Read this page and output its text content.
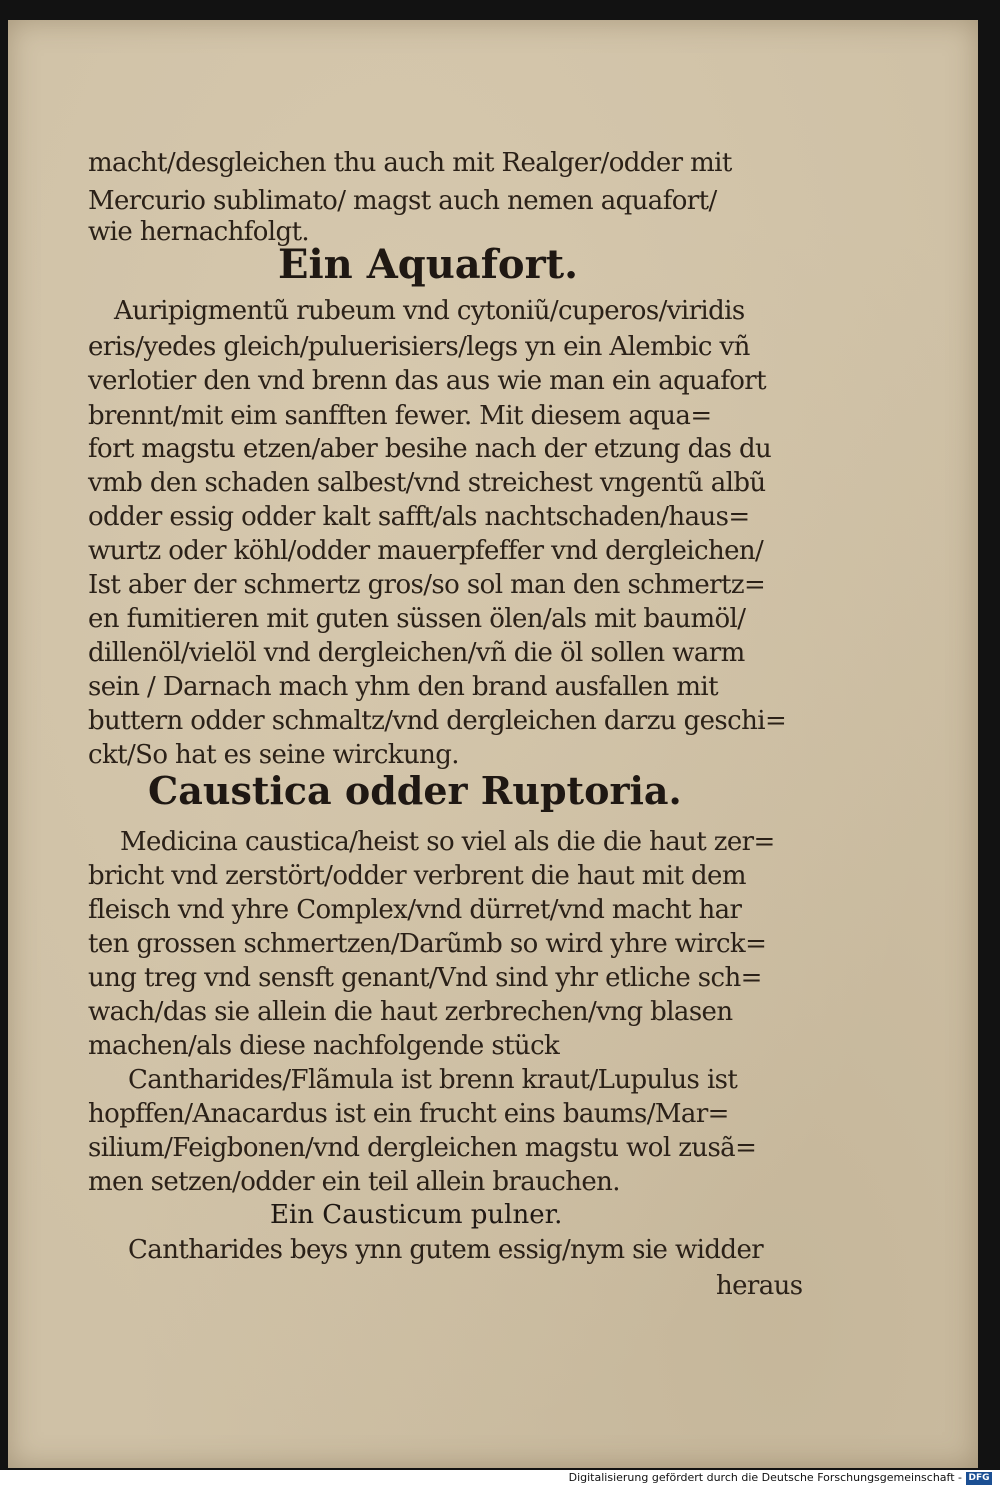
macht/desgleichen thu auch mit Realger/odder mit
Mercurio sublimato/ magst auch nemen aquafort/
wie hernachfolgt.
Ein Aquafort.
Auripigmentũ rubeum vnd cytoniũ/cuperos/viridis
eris/yedes gleich/puluerisiers/legs yn ein Alembic vñ
verlotier den vnd brenn das aus wie man ein aquafort
brennt/mit eim sanfften fewer. Mit diesem aqua=
fort magstu etzen/aber besihe nach der etzung das du
vmb den schaden salbest/vnd streichest vngentũ albũ
odder essig odder kalt safft/als nachtschaden/haus=
wurtz oder köhl/odder mauerpfeffer vnd dergleichen/
Ist aber der schmertz gros/so sol man den schmertz=
en fumitieren mit guten süssen ölen/als mit baumöl/
dillenöl/vielöl vnd dergleichen/vñ die öl sollen warm
sein / Darnach mach yhm den brand ausfallen mit
buttern odder schmaltz/vnd dergleichen darzu geschi=
ckt/So hat es seine wirckung.
Caustica odder Ruptoria.
Medicina caustica/heist so viel als die die haut zer=
bricht vnd zerstört/odder verbrent die haut mit dem
fleisch vnd yhre Complex/vnd dürret/vnd macht har
ten grossen schmertzen/Darũmb so wird yhre wirck=
ung treg vnd sensft genant/Vnd sind yhr etliche sch=
wach/das sie allein die haut zerbrechen/vng blasen
machen/als diese nachfolgende stück
Cantharides/Flãmula ist brenn kraut/Lupulus ist
hopffen/Anacardus ist ein frucht eins baums/Mar=
silium/Feigbonen/vnd dergleichen magstu wol zusã=
men setzen/odder ein teil allein brauchen.
Ein Causticum pulner.
Cantharides beys ynn gutem essig/nym sie widder
heraus
Digitalisierung gefördert durch die Deutsche Forschungsgemeinschaft - DFG
